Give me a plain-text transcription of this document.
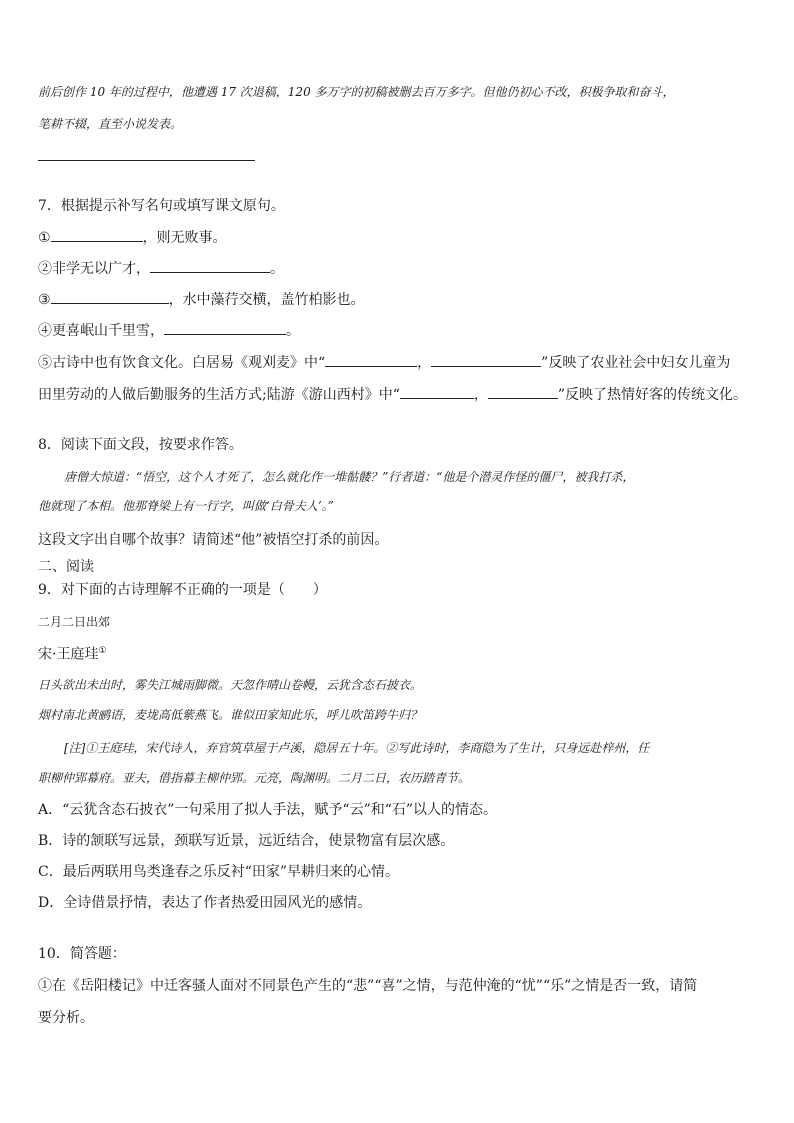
前后创作 10 年的过程中，他遭遇 17 次退稿，120 多万字的初稿被删去百万多字。但他仍初心不改，积极争取和奋斗，
笔耕不辍，直至小说发表。
7．根据提示补写名句或填写课文原句。
①	，则无败事。
②非学无以广才，	。
③	，水中藻荇交横，盖竹柏影也。
④更喜岷山千里雪，	。
⑤古诗中也有饮食文化。白居易《观刈麦》中“	，	”反映了农业社会中妇女儿童为
田里劳动的人做后勤服务的生活方式;陆游《游山西村》中“	，	”反映了热情好客的传统文化。
8．阅读下面文段，按要求作答。
唐僧大惊道：“悟空，这个人才死了，怎么就化作一堆骷髅？”行者道：“他是个潜灵作怪的僵尸，被我打杀，
他就现了本相。他那脊梁上有一行字，叫做‘白骨夫人’。”
这段文字出自哪个故事？请简述“他”被悟空打杀的前因。
二、阅读
9．对下面的古诗理解不正确的一项是（　　）
二月二日出郊
宋·王庭珪①
日头欲出未出时，雾失江城雨脚微。天忽作晴山卷幔，云犹含态石披衣。
烟村南北黄鹂语，麦垅高低紫燕飞。谁似田家知此乐，呼儿吹笛跨牛归？
[注]①王庭珪，宋代诗人，弃官筑草屋于卢溪，隐居五十年。②写此诗时，李商隐为了生计，只身远赴梓州，任
职柳仲郢幕府。亚夫，借指幕主柳仲郢。元亮，陶渊明。二月二日，农历踏青节。
A．“云犹含态石披衣”一句采用了拟人手法，赋予“云”和“石”以人的情态。
B．诗的颔联写远景，颈联写近景，远近结合，使景物富有层次感。
C．最后两联用鸟类逢春之乐反衬“田家”早耕归来的心情。
D．全诗借景抒情，表达了作者热爱田园风光的感情。
10．简答题：
①在《岳阳楼记》中迁客骚人面对不同景色产生的“悲”“喜”之情，与范仲淹的“忧”“乐”之情是否一致，请简
要分析。
